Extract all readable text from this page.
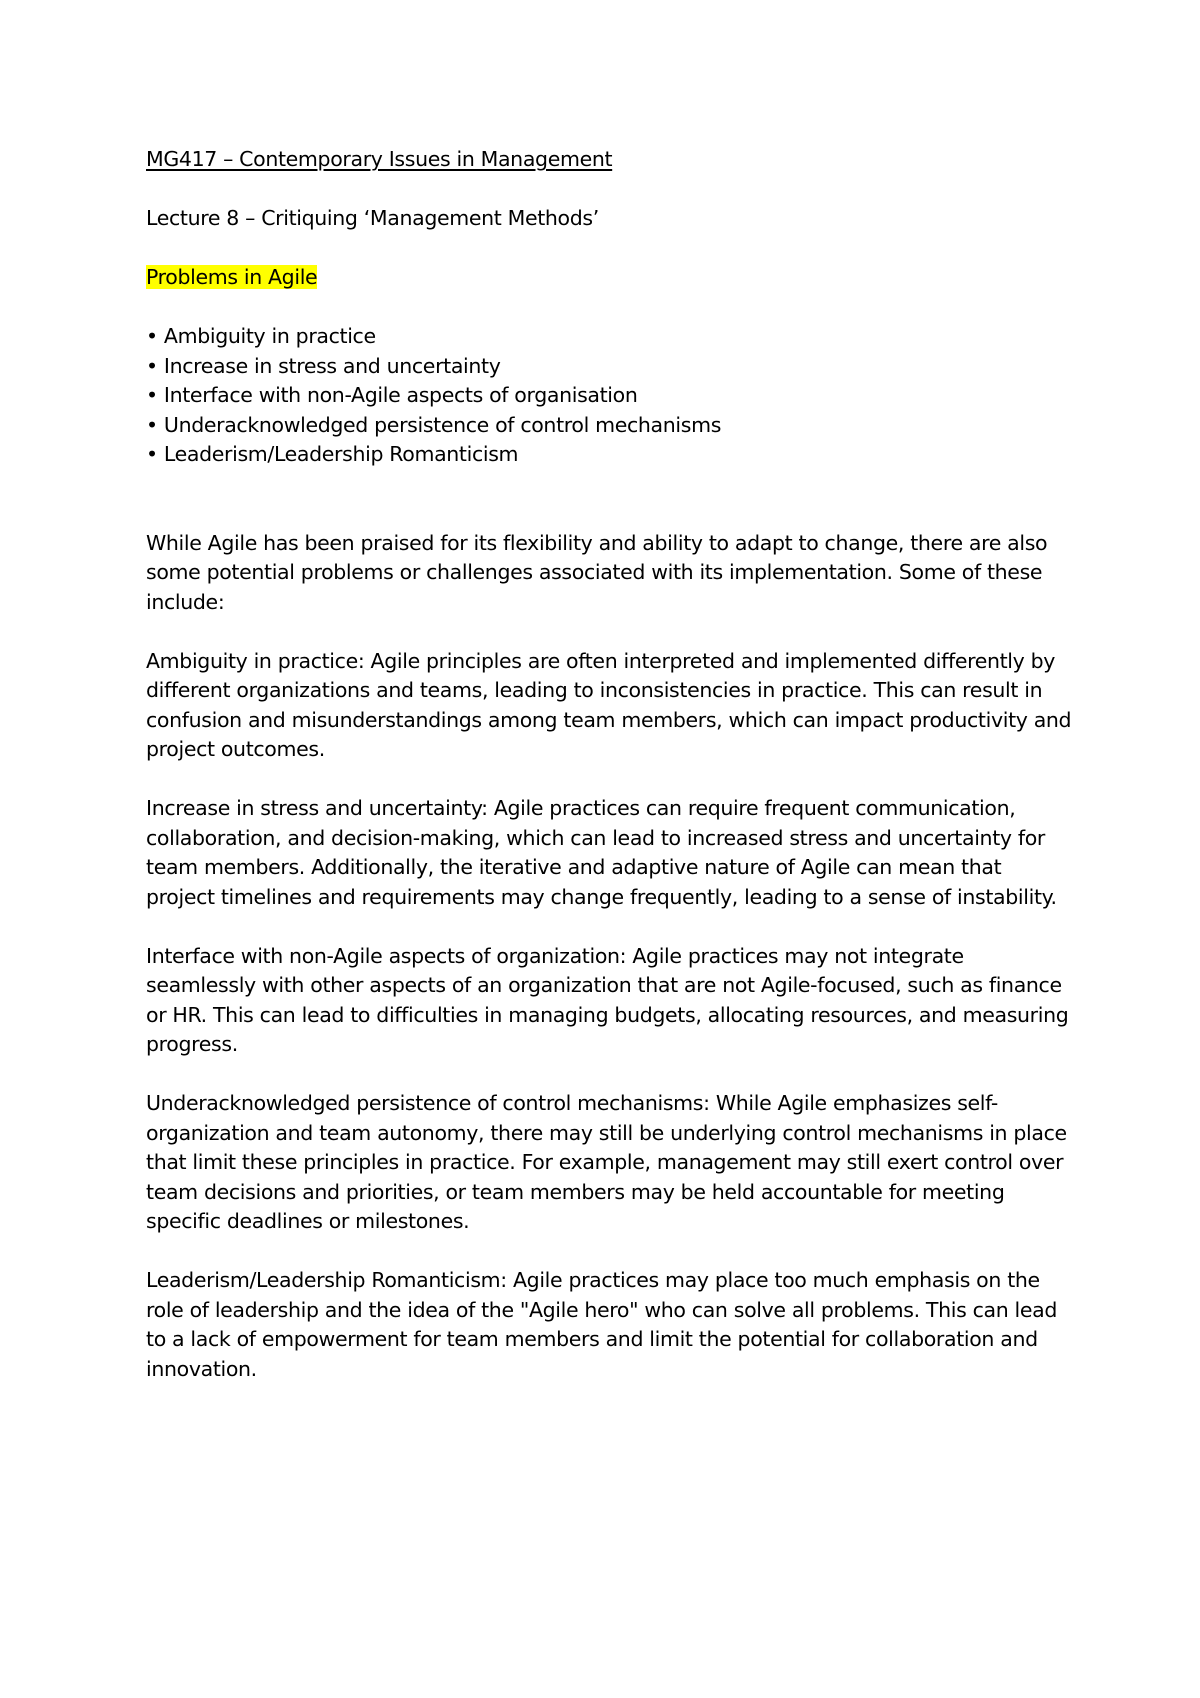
MG417 – Contemporary Issues in Management
Lecture 8 – Critiquing ‘Management Methods’
Problems in Agile
• Ambiguity in practice
• Increase in stress and uncertainty
• Interface with non-Agile aspects of organisation
• Underacknowledged persistence of control mechanisms
• Leaderism/Leadership Romanticism

While Agile has been praised for its flexibility and ability to adapt to change, there are also
some potential problems or challenges associated with its implementation. Some of these
include:

Ambiguity in practice: Agile principles are often interpreted and implemented differently by
different organizations and teams, leading to inconsistencies in practice. This can result in
confusion and misunderstandings among team members, which can impact productivity and
project outcomes.

Increase in stress and uncertainty: Agile practices can require frequent communication,
collaboration, and decision-making, which can lead to increased stress and uncertainty for
team members. Additionally, the iterative and adaptive nature of Agile can mean that
project timelines and requirements may change frequently, leading to a sense of instability.

Interface with non-Agile aspects of organization: Agile practices may not integrate
seamlessly with other aspects of an organization that are not Agile-focused, such as finance
or HR. This can lead to difficulties in managing budgets, allocating resources, and measuring
progress.

Underacknowledged persistence of control mechanisms: While Agile emphasizes self-
organization and team autonomy, there may still be underlying control mechanisms in place
that limit these principles in practice. For example, management may still exert control over
team decisions and priorities, or team members may be held accountable for meeting
specific deadlines or milestones.

Leaderism/Leadership Romanticism: Agile practices may place too much emphasis on the
role of leadership and the idea of the "Agile hero" who can solve all problems. This can lead
to a lack of empowerment for team members and limit the potential for collaboration and
innovation.
